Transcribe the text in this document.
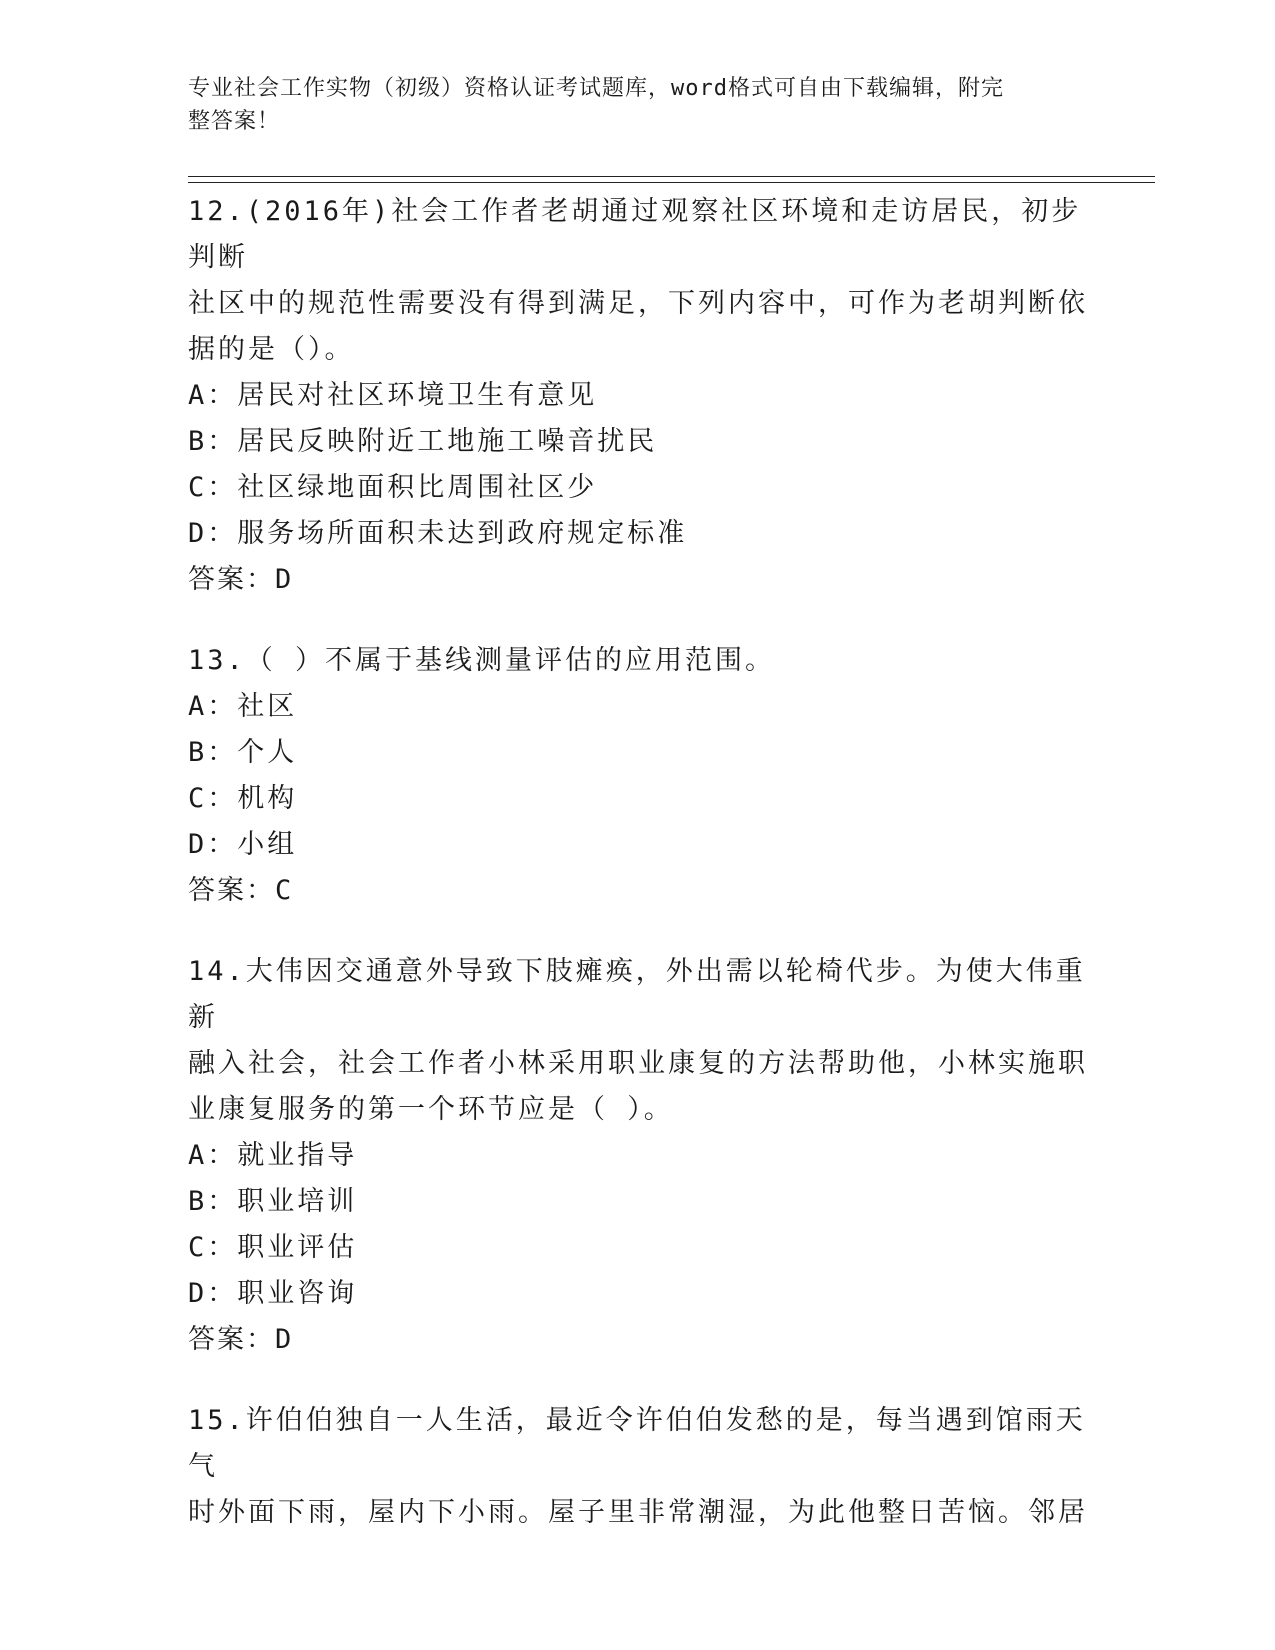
专业社会工作实物（初级）资格认证考试题库，word格式可自由下载编辑，附完
整答案！
12.(2016年)社会工作者老胡通过观察社区环境和走访居民，初步判断
社区中的规范性需要没有得到满足，下列内容中，可作为老胡判断依
据的是（）。
A：居民对社区环境卫生有意见
B：居民反映附近工地施工噪音扰民
C：社区绿地面积比周围社区少
D：服务场所面积未达到政府规定标准
答案：D
13.（ ）不属于基线测量评估的应用范围。
A：社区
B：个人
C：机构
D：小组
答案：C
14.大伟因交通意外导致下肢瘫痪，外出需以轮椅代步。为使大伟重新
融入社会，社会工作者小林采用职业康复的方法帮助他，小林实施职
业康复服务的第一个环节应是（ ）。
A：就业指导
B：职业培训
C：职业评估
D：职业咨询
答案：D
15.许伯伯独自一人生活，最近令许伯伯发愁的是，每当遇到馆雨天气
时外面下雨，屋内下小雨。屋子里非常潮湿，为此他整日苦恼。邻居
